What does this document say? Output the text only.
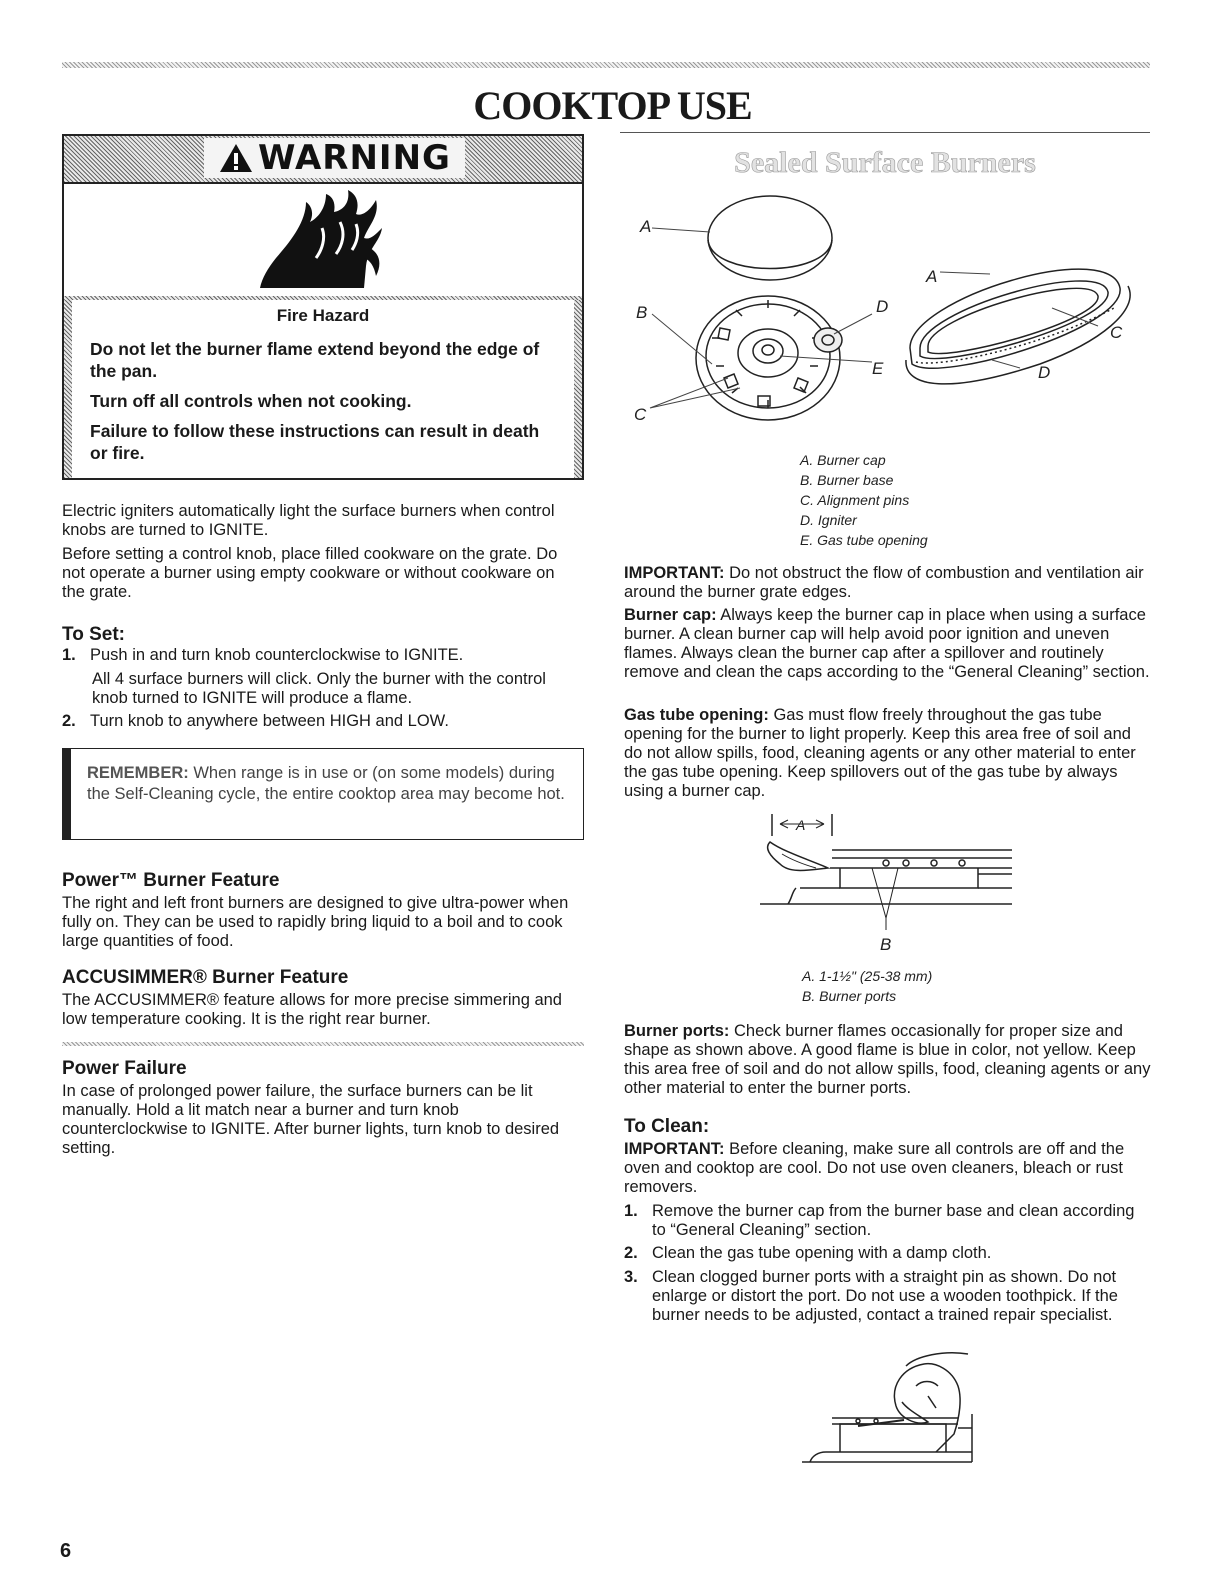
COOKTOP USE
WARNING
Fire Hazard
Do not let the burner flame extend beyond the edge of the pan.
Turn off all controls when not cooking.
Failure to follow these instructions can result in death or fire.

Electric igniters automatically light the surface burners when control knobs are turned to IGNITE.

Before setting a control knob, place filled cookware on the grate. Do not operate a burner using empty cookware or without cookware on the grate.

To Set:
1. Push in and turn knob counterclockwise to IGNITE.

All 4 surface burners will click. Only the burner with the control knob turned to IGNITE will produce a flame.

2. Turn knob to anywhere between HIGH and LOW.

REMEMBER: When range is in use or (on some models) during the Self-Cleaning cycle, the entire cooktop area may become hot.

Power™ Burner Feature

The right and left front burners are designed to give ultra-power when fully on. They can be used to rapidly bring liquid to a boil and to cook large quantities of food.

ACCUSIMMER® Burner Feature

The ACCUSIMMER® feature allows for more precise simmering and low temperature cooking. It is the right rear burner.

Power Failure

In case of prolonged power failure, the surface burners can be lit manually. Hold a lit match near a burner and turn knob counterclockwise to IGNITE. After burner lights, turn knob to desired setting.

6
Sealed Surface Burners
A
B
C
D
E
A
C
D
A. Burner cap
B. Burner base
C. Alignment pins
D. Igniter
E. Gas tube opening

IMPORTANT: Do not obstruct the flow of combustion and ventilation air around the burner grate edges.

Burner cap: Always keep the burner cap in place when using a surface burner. A clean burner cap will help avoid poor ignition and uneven flames. Always clean the burner cap after a spillover and routinely remove and clean the caps according to the “General Cleaning” section.

Gas tube opening: Gas must flow freely throughout the gas tube opening for the burner to light properly. Keep this area free of soil and do not allow spills, food, cleaning agents or any other material to enter the gas tube opening. Keep spillovers out of the gas tube by always using a burner cap.

A
B
A. 1-1½" (25-38 mm)
B. Burner ports

Burner ports: Check burner flames occasionally for proper size and shape as shown above. A good flame is blue in color, not yellow. Keep this area free of soil and do not allow spills, food, cleaning agents or any other material to enter the burner ports.

To Clean:

IMPORTANT: Before cleaning, make sure all controls are off and the oven and cooktop are cool. Do not use oven cleaners, bleach or rust removers.

1. Remove the burner cap from the burner base and clean according to “General Cleaning” section.
2. Clean the gas tube opening with a damp cloth.
3. Clean clogged burner ports with a straight pin as shown. Do not enlarge or distort the port. Do not use a wooden toothpick. If the burner needs to be adjusted, contact a trained repair specialist.
